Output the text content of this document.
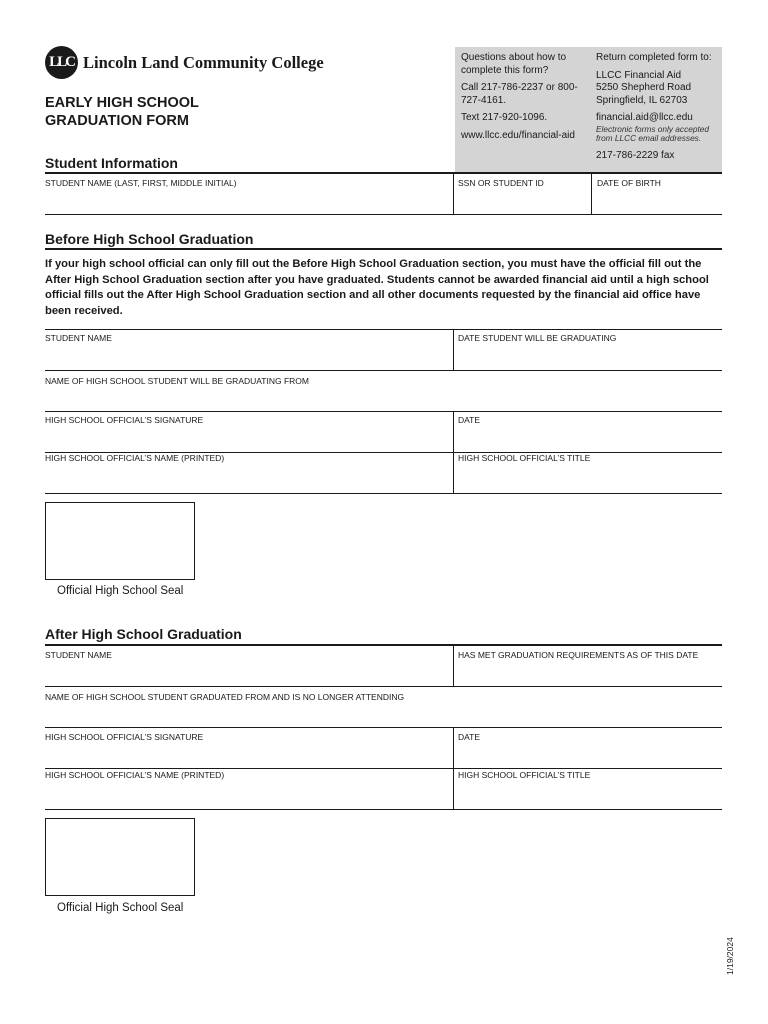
LLC Lincoln Land Community College
EARLY HIGH SCHOOL
GRADUATION FORM

Questions about how to complete this form?

Call 217-786-2237 or 800-727-4161.

Text 217-920-1096.

www.llcc.edu/financial-aid

Return completed form to:

LLCC Financial Aid

5250 Shepherd Road

Springfield, IL 62703

financial.aid@llcc.edu

Electronic forms only accepted from LLCC email addresses.

217-786-2229 fax

Student Information
STUDENT NAME (LAST, FIRST, MIDDLE INITIAL)	SSN OR STUDENT ID	DATE OF BIRTH
Before High School Graduation
If your high school official can only fill out the Before High School Graduation section, you must have the official fill out the After High School Graduation section after you have graduated. Students cannot be awarded financial aid until a high school official fills out the After High School Graduation section and all other documents requested by the financial aid office have been received.
STUDENT NAME	DATE STUDENT WILL BE GRADUATING
NAME OF HIGH SCHOOL STUDENT WILL BE GRADUATING FROM
HIGH SCHOOL OFFICIAL’S SIGNATURE	DATE
HIGH SCHOOL OFFICIAL’S NAME (PRINTED)	HIGH SCHOOL OFFICIAL’S TITLE
Official High School Seal
After High School Graduation
STUDENT NAME	HAS MET GRADUATION REQUIREMENTS AS OF THIS DATE
NAME OF HIGH SCHOOL STUDENT GRADUATED FROM AND IS NO LONGER ATTENDING
HIGH SCHOOL OFFICIAL’S SIGNATURE	DATE
HIGH SCHOOL OFFICIAL’S NAME (PRINTED)	HIGH SCHOOL OFFICIAL’S TITLE
Official High School Seal
1/19/2024
